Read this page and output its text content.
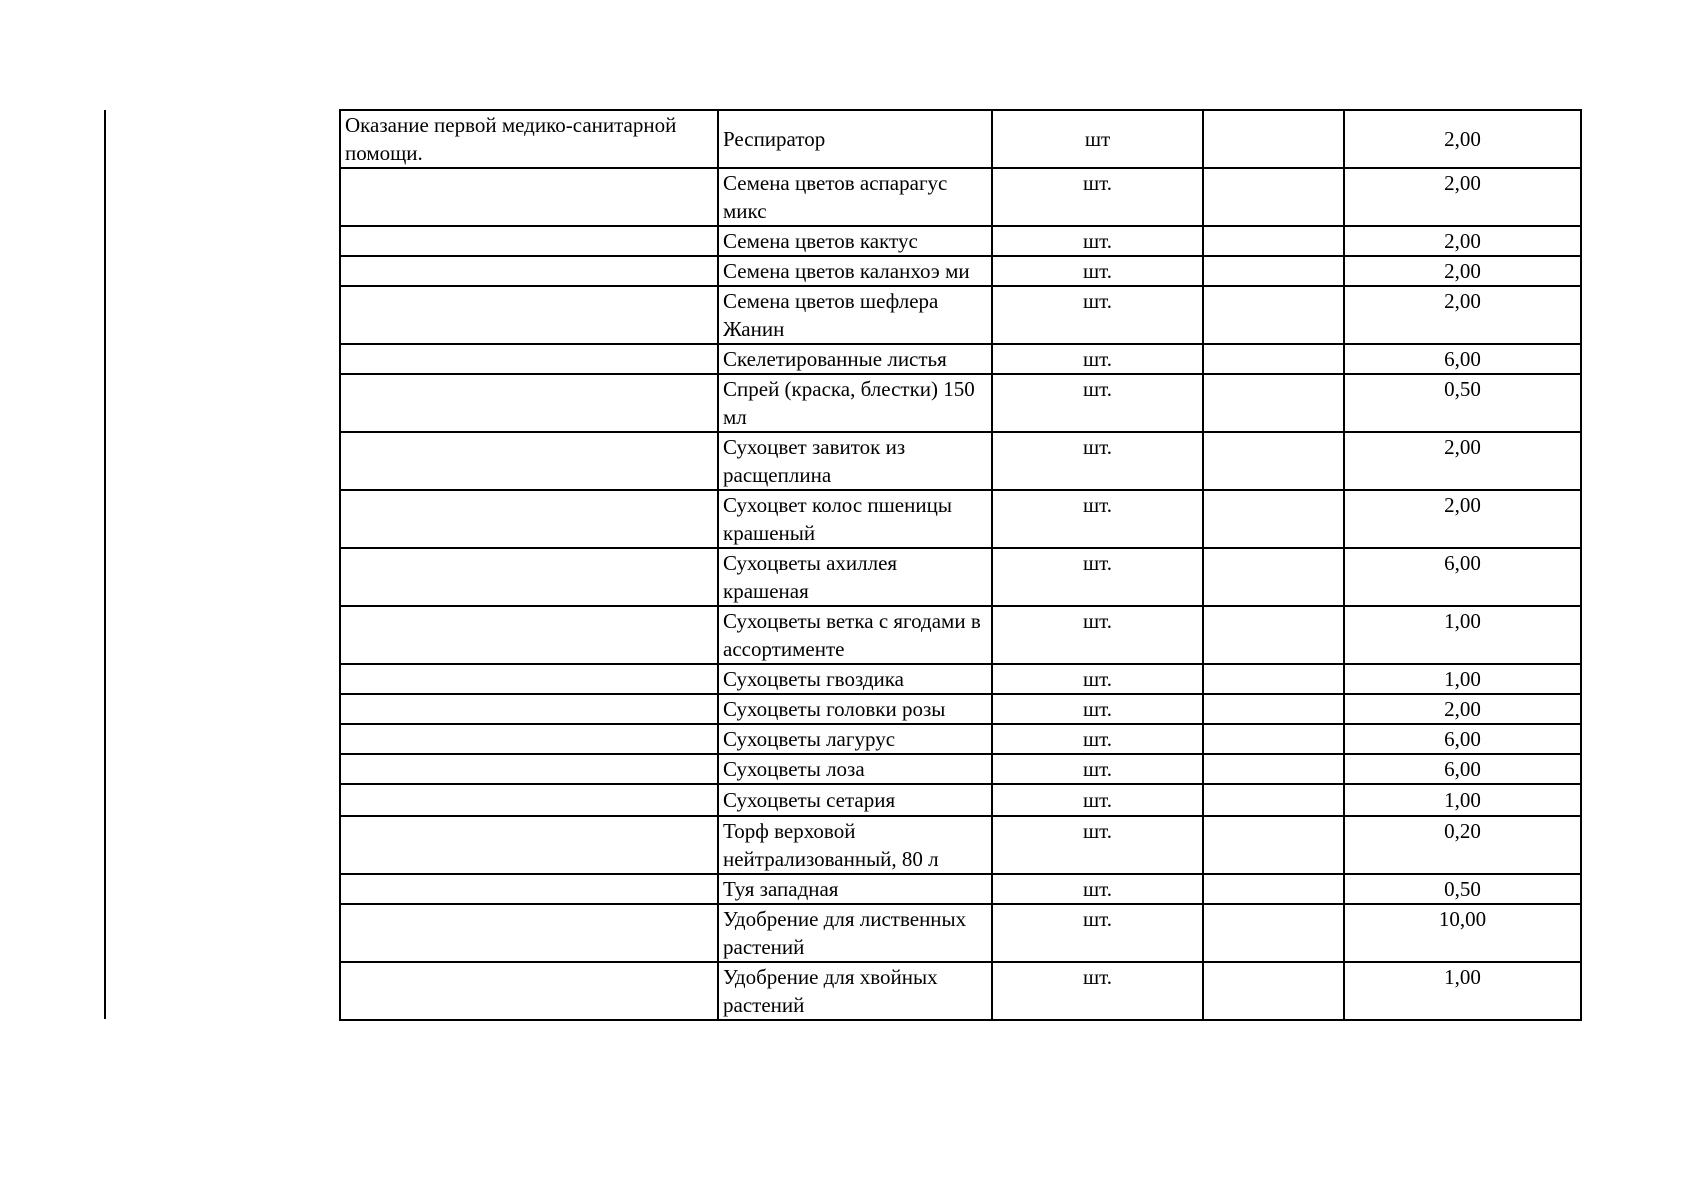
Оказание первой медико-санитарной помощи.	Респиратор	шт		2,00
	Семена цветов аспарагус микс	шт.		2,00
	Семена цветов кактус	шт.		2,00
	Семена цветов каланхоэ ми	шт.		2,00
	Семена цветов шефлера Жанин	шт.		2,00
	Скелетированные листья	шт.		6,00
	Спрей (краска, блестки) 150 мл	шт.		0,50
	Сухоцвет завиток из расщеплина	шт.		2,00
	Сухоцвет колос пшеницы крашеный	шт.		2,00
	Сухоцветы ахиллея крашеная	шт.		6,00
	Сухоцветы ветка с ягодами в ассортименте	шт.		1,00
	Сухоцветы гвоздика	шт.		1,00
	Сухоцветы головки розы	шт.		2,00
	Сухоцветы лагурус	шт.		6,00
	Сухоцветы лоза	шт.		6,00
	Сухоцветы сетария	шт.		1,00
	Торф верховой нейтрализованный, 80 л	шт.		0,20
	Туя западная	шт.		0,50
	Удобрение для лиственных растений	шт.		10,00
	Удобрение для хвойных растений	шт.		1,00
